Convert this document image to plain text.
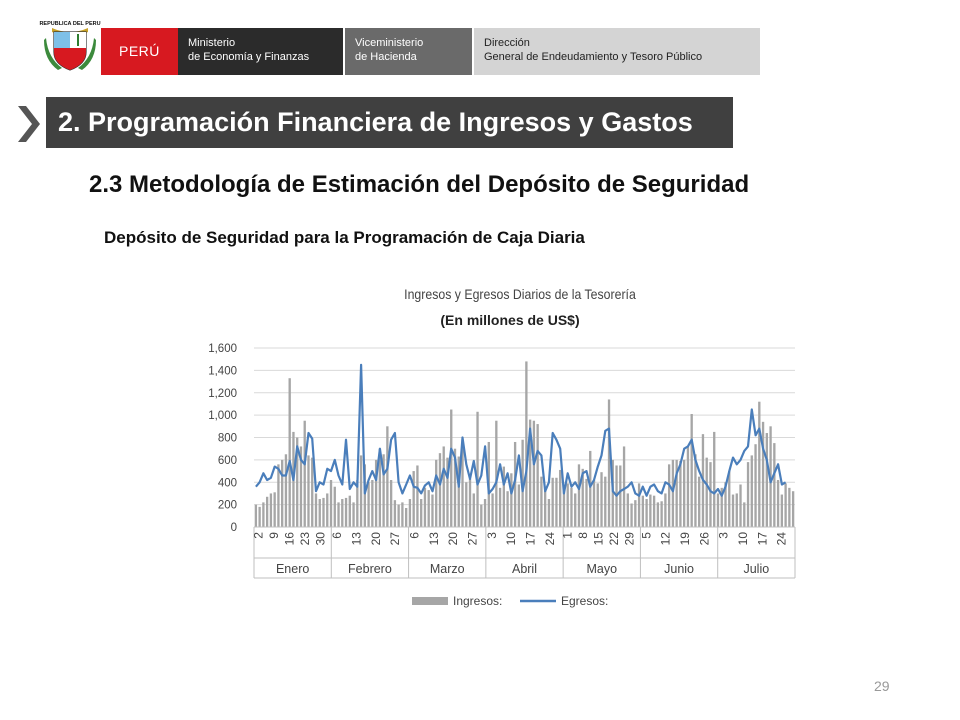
REPUBLICA DEL PERU
PERÚ	Ministerio
de Economía y Finanzas
Viceministerio
de Hacienda
Dirección
General de Endeudamiento y Tesoro Público
2. Programación Financiera de Ingresos y Gastos
2.3 Metodología de Estimación del Depósito de Seguridad
Depósito de Seguridad para la Programación de Caja Diaria
Ingresos y Egresos Diarios de la Tesorería
(En millones de US$)
0
200
400
600
800
1,000
1,200
1,400
1,600
2 9 16 23 30
Enero
6 13 20 27
Febrero
6 13 20 27
Marzo
3 10 17 24
Abril
1 8 15 22 29
Mayo
5 12 19 26
Junio
3 10 17 24
Julio
Ingresos:	Egresos:
29
